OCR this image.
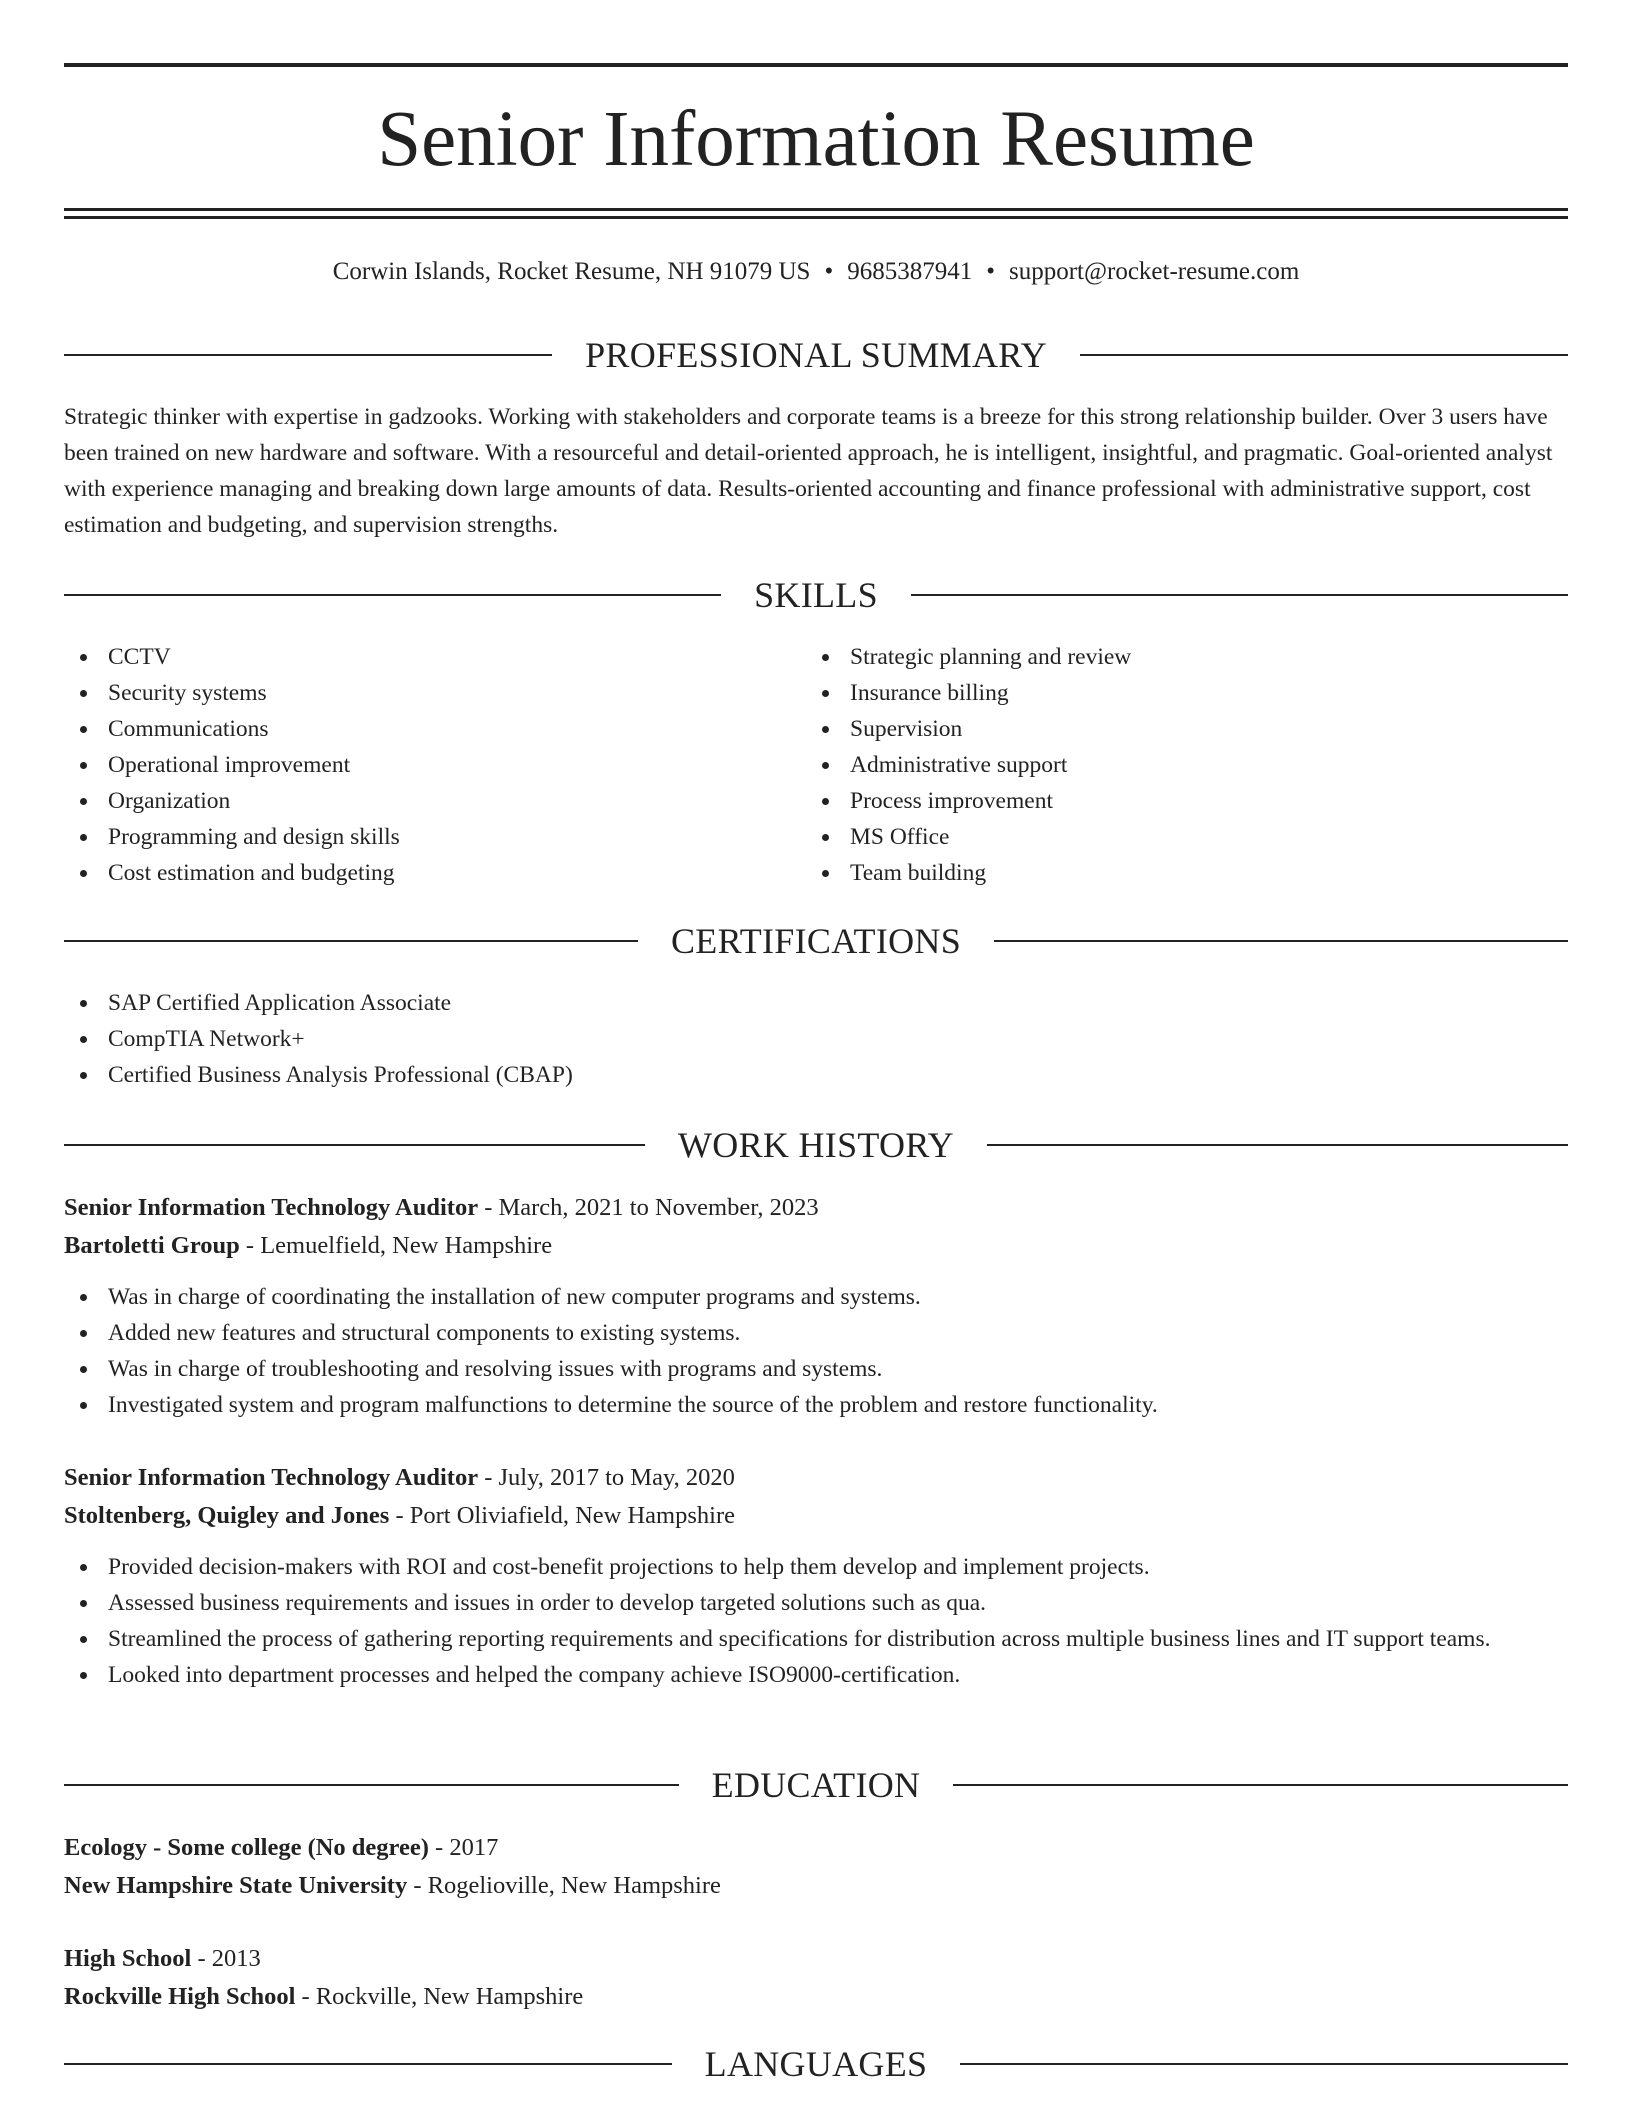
Senior Information Resume
Corwin Islands, Rocket Resume, NH 91079 US • 9685387941 • support@rocket-resume.com
PROFESSIONAL SUMMARY

Strategic thinker with expertise in gadzooks. Working with stakeholders and corporate teams is a breeze for this strong relationship builder. Over 3 users have been trained on new hardware and software. With a resourceful and detail-oriented approach, he is intelligent, insightful, and pragmatic. Goal-oriented analyst with experience managing and breaking down large amounts of data. Results-oriented accounting and finance professional with administrative support, cost estimation and budgeting, and supervision strengths.

SKILLS
CCTV
Security systems
Communications
Operational improvement
Organization
Programming and design skills
Cost estimation and budgeting
Strategic planning and review
Insurance billing
Supervision
Administrative support
Process improvement
MS Office
Team building
CERTIFICATIONS
SAP Certified Application Associate
CompTIA Network+
Certified Business Analysis Professional (CBAP)
WORK HISTORY
Senior Information Technology Auditor - March, 2021 to November, 2023
Bartoletti Group - Lemuelfield, New Hampshire
Was in charge of coordinating the installation of new computer programs and systems.
Added new features and structural components to existing systems.
Was in charge of troubleshooting and resolving issues with programs and systems.
Investigated system and program malfunctions to determine the source of the problem and restore functionality.
Senior Information Technology Auditor - July, 2017 to May, 2020
Stoltenberg, Quigley and Jones - Port Oliviafield, New Hampshire
Provided decision-makers with ROI and cost-benefit projections to help them develop and implement projects.
Assessed business requirements and issues in order to develop targeted solutions such as qua.
Streamlined the process of gathering reporting requirements and specifications for distribution across multiple business lines and IT support teams.
Looked into department processes and helped the company achieve ISO9000-certification.
EDUCATION
Ecology - Some college (No degree) - 2017
New Hampshire State University - Rogelioville, New Hampshire
High School - 2013
Rockville High School - Rockville, New Hampshire
LANGUAGES
